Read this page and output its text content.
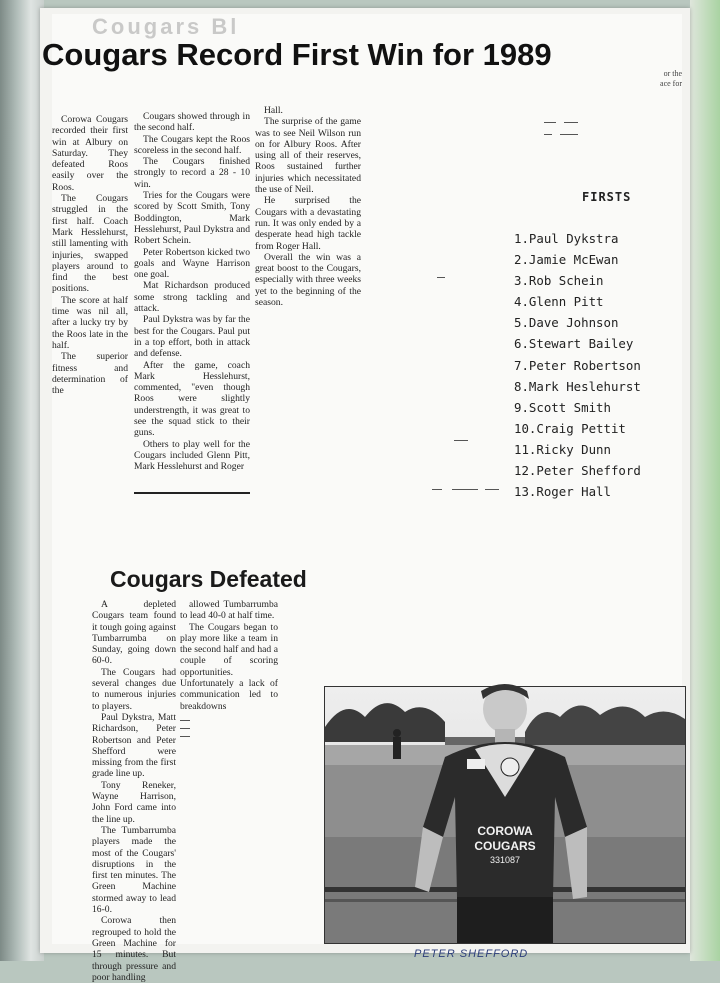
Cougars Bl
Cougars Record First Win for 1989

Corowa Cougars recorded their first win at Albury on Saturday. They defeated Roos easily over the Roos.

The Cougars struggled in the first half. Coach Mark Hesslehurst, still lamenting with injuries, swapped players around to find the best positions.

The score at half time was nil all, after a lucky try by the Roos late in the half.

The superior fitness and determination of the

Cougars showed through in the second half.

The Cougars kept the Roos scoreless in the second half.

The Cougars finished strongly to record a 28 - 10 win.

Tries for the Cougars were scored by Scott Smith, Tony Boddington, Mark Hesslehurst, Paul Dykstra and Robert Schein.

Peter Robertson kicked two goals and Wayne Harrison one goal.

Mat Richardson produced some strong tackling and attack.

Paul Dykstra was by far the best for the Cougars. Paul put in a top effort, both in attack and defense.

After the game, coach Mark Hesslehurst, commented, "even though Roos were slightly understrength, it was great to see the squad stick to their guns.

Others to play well for the Cougars included Glenn Pitt, Mark Hesslehurst and Roger

Hall.

The surprise of the game was to see Neil Wilson run on for Albury Roos. After using all of their reserves, Roos sustained further injuries which necessitated the use of Neil.

He surprised the Cougars with a devastating run. It was only ended by a desperate head high tackle from Roger Hall.

Overall the win was a great boost to the Cougars, especially with three weeks yet to the beginning of the season.

or the
ace for
FIRSTS
1.Paul Dykstra
2.Jamie McEwan
3.Rob Schein
4.Glenn Pitt
5.Dave Johnson
6.Stewart Bailey
7.Peter Robertson
8.Mark Heslehurst
9.Scott Smith
10.Craig Pettit
11.Ricky Dunn
12.Peter Shefford
13.Roger Hall
Cougars Defeated

A depleted Cougars team found it tough going against Tumbarrumba on Sunday, going down 60-0.

The Cougars had several changes due to numerous injuries to players.

Paul Dykstra, Matt Richardson, Peter Robertson and Peter Shefford were missing from the first grade line up.

Tony Reneker, Wayne Harrison, John Ford came into the line up.

The Tumbarrumba players made the most of the Cougars' disruptions in the first ten minutes. The Green Machine stormed away to lead 16-0.

Corowa then regrouped to hold the Green Machine for 15 minutes. But through pressure and poor handling

allowed Tumbarrumba to lead 40-0 at half time.

The Cougars began to play more like a team in the second half and had a couple of scoring opportunities. Unfortunately a lack of communication led to breakdowns

COROWA
COUGARS
331087
PETER SHEFFORD
